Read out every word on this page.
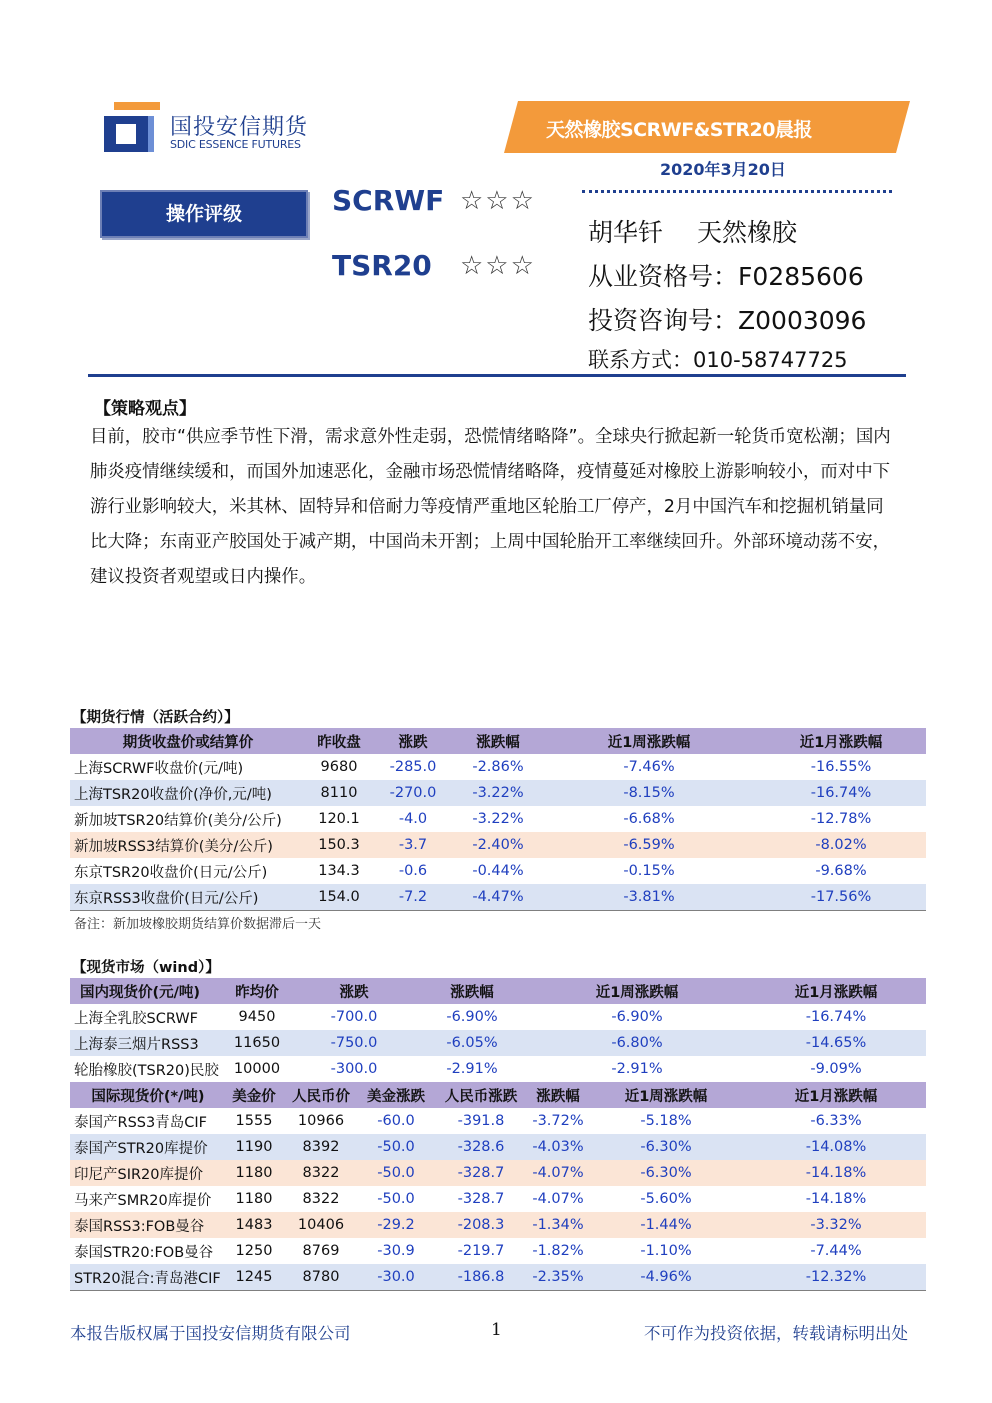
国投安信期货
SDIC ESSENCE FUTURES
天然橡胶SCRWF&STR20晨报
2020年3月20日
操作评级	SCRWF ☆☆☆
TSR20 ☆☆☆
胡华钎 天然橡胶
从业资格号：F0285606
投资咨询号：Z0003096
联系方式：010-58747725
【策略观点】
目前，胶市“供应季节性下滑，需求意外性走弱，恐慌情绪略降”。全球央行掀起新一轮货币宽松潮；国内肺炎疫情继续缓和，而国外加速恶化，金融市场恐慌情绪略降，疫情蔓延对橡胶上游影响较小，而对中下游行业影响较大，米其林、固特异和倍耐力等疫情严重地区轮胎工厂停产，2月中国汽车和挖掘机销量同比大降；东南亚产胶国处于减产期，中国尚未开割；上周中国轮胎开工率继续回升。外部环境动荡不安，建议投资者观望或日内操作。
【期货行情（活跃合约）】
期货收盘价或结算价	昨收盘	涨跌	涨跌幅	近1周涨跌幅	近1月涨跌幅
上海SCRWF收盘价(元/吨)	9680	-285.0	-2.86%	-7.46%	-16.55%
上海TSR20收盘价(净价,元/吨)	8110	-270.0	-3.22%	-8.15%	-16.74%
新加坡TSR20结算价(美分/公斤)	120.1	-4.0	-3.22%	-6.68%	-12.78%
新加坡RSS3结算价(美分/公斤)	150.3	-3.7	-2.40%	-6.59%	-8.02%
东京TSR20收盘价(日元/公斤)	134.3	-0.6	-0.44%	-0.15%	-9.68%
东京RSS3收盘价(日元/公斤)	154.0	-7.2	-4.47%	-3.81%	-17.56%
备注：新加坡橡胶期货结算价数据滞后一天
【现货市场（wind）】
国内现货价(元/吨)	昨均价	涨跌	涨跌幅	近1周涨跌幅	近1月涨跌幅
上海全乳胶SCRWF	9450	-700.0	-6.90%	-6.90%	-16.74%
上海泰三烟片RSS3	11650	-750.0	-6.05%	-6.80%	-14.65%
轮胎橡胶(TSR20)民胶	10000	-300.0	-2.91%	-2.91%	-9.09%
国际现货价(*/吨)	美金价	人民币价	美金涨跌	人民币涨跌	涨跌幅	近1周涨跌幅	近1月涨跌幅
泰国产RSS3青岛CIF	1555	10966	-60.0	-391.8	-3.72%	-5.18%	-6.33%
泰国产STR20库提价	1190	8392	-50.0	-328.6	-4.03%	-6.30%	-14.08%
印尼产SIR20库提价	1180	8322	-50.0	-328.7	-4.07%	-6.30%	-14.18%
马来产SMR20库提价	1180	8322	-50.0	-328.7	-4.07%	-5.60%	-14.18%
泰国RSS3:FOB曼谷	1483	10406	-29.2	-208.3	-1.34%	-1.44%	-3.32%
泰国STR20:FOB曼谷	1250	8769	-30.9	-219.7	-1.82%	-1.10%	-7.44%
STR20混合:青岛港CIF	1245	8780	-30.0	-186.8	-2.35%	-4.96%	-12.32%
本报告版权属于国投安信期货有限公司	1	不可作为投资依据，转载请标明出处
